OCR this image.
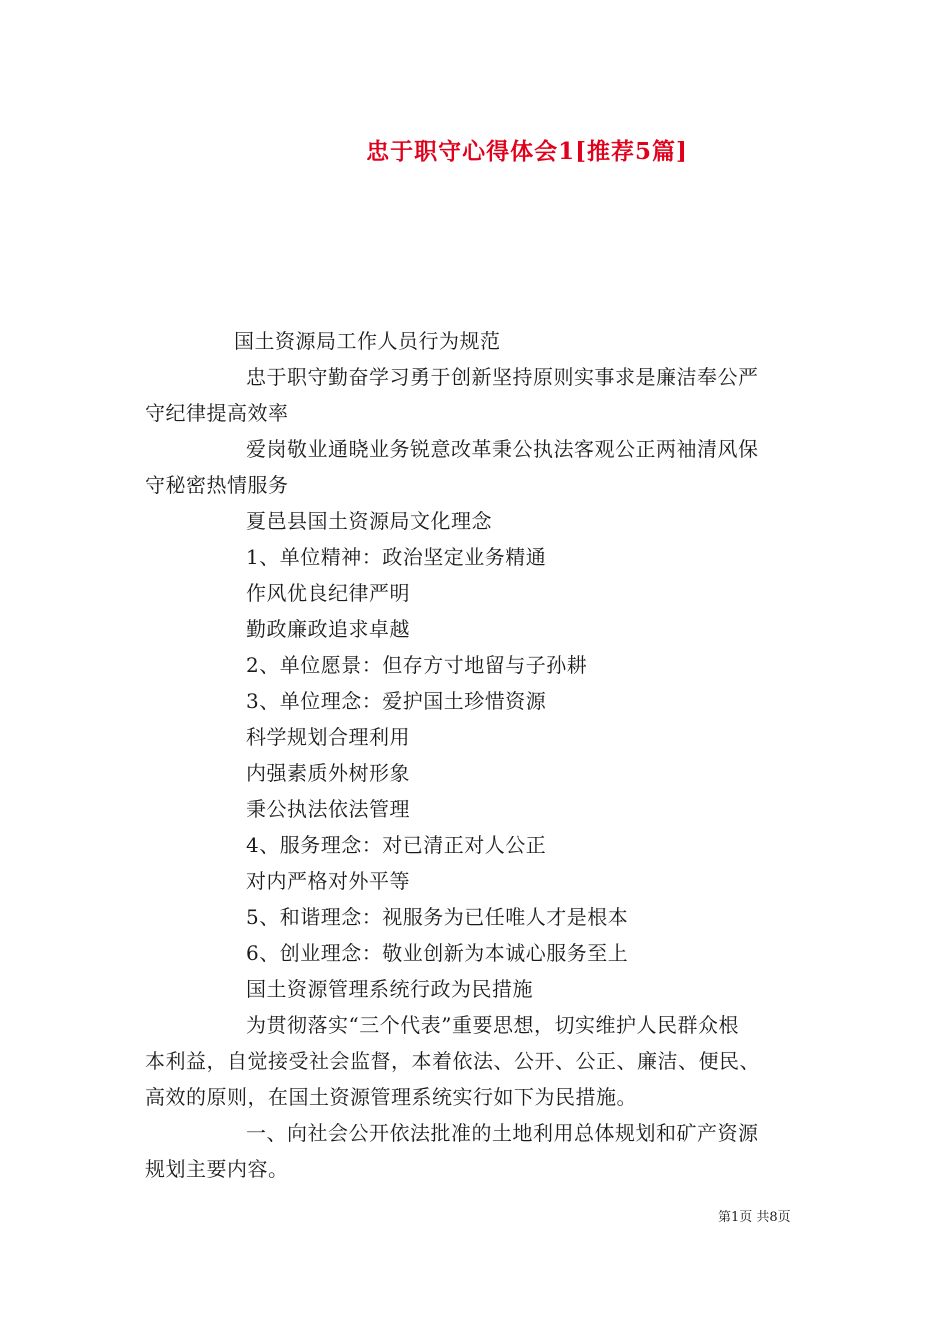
忠于职守心得体会1[推荐5篇]
国土资源局工作人员行为规范
忠于职守勤奋学习勇于创新坚持原则实事求是廉洁奉公严
守纪律提高效率
爱岗敬业通晓业务锐意改革秉公执法客观公正两袖清风保
守秘密热情服务
夏邑县国土资源局文化理念
1、单位精神：政治坚定业务精通
作风优良纪律严明
勤政廉政追求卓越
2、单位愿景：但存方寸地留与子孙耕
3、单位理念：爱护国土珍惜资源
科学规划合理利用
内强素质外树形象
秉公执法依法管理
4、服务理念：对已清正对人公正
对内严格对外平等
5、和谐理念：视服务为已任唯人才是根本
6、创业理念：敬业创新为本诚心服务至上
国土资源管理系统行政为民措施
为贯彻落实“三个代表”重要思想，切实维护人民群众根
本利益，自觉接受社会监督，本着依法、公开、公正、廉洁、便民、
高效的原则，在国土资源管理系统实行如下为民措施。
一、向社会公开依法批准的土地利用总体规划和矿产资源
规划主要内容。
第1页 共8页
